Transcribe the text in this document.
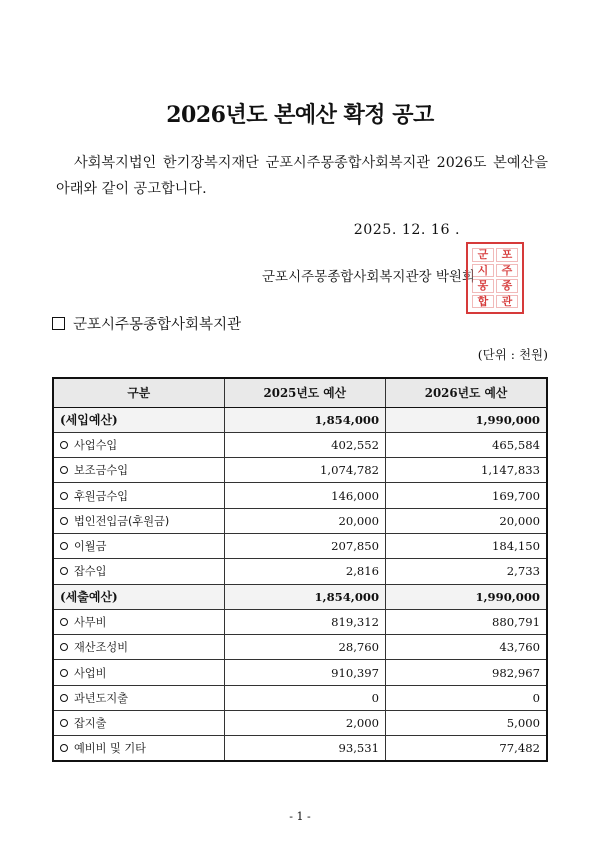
2026년도 본예산 확정 공고
사회복지법인 한기장복지재단 군포시주몽종합사회복지관 2026도 본예산을 아래와 같이 공고합니다.
2025. 12. 16 .
군포시주몽종합사회복지관장 박원희
군	포
시	주
몽	종
합	관
군포시주몽종합사회복지관
(단위 : 천원)
구분	2025년도 예산	2026년도 예산
(세입예산)	1,854,000	1,990,000
사업수입	402,552	465,584
보조금수입	1,074,782	1,147,833
후원금수입	146,000	169,700
법인전입금(후원금)	20,000	20,000
이월금	207,850	184,150
잡수입	2,816	2,733
(세출예산)	1,854,000	1,990,000
사무비	819,312	880,791
재산조성비	28,760	43,760
사업비	910,397	982,967
과년도지출	0	0
잡지출	2,000	5,000
예비비 및 기타	93,531	77,482
- 1 -
